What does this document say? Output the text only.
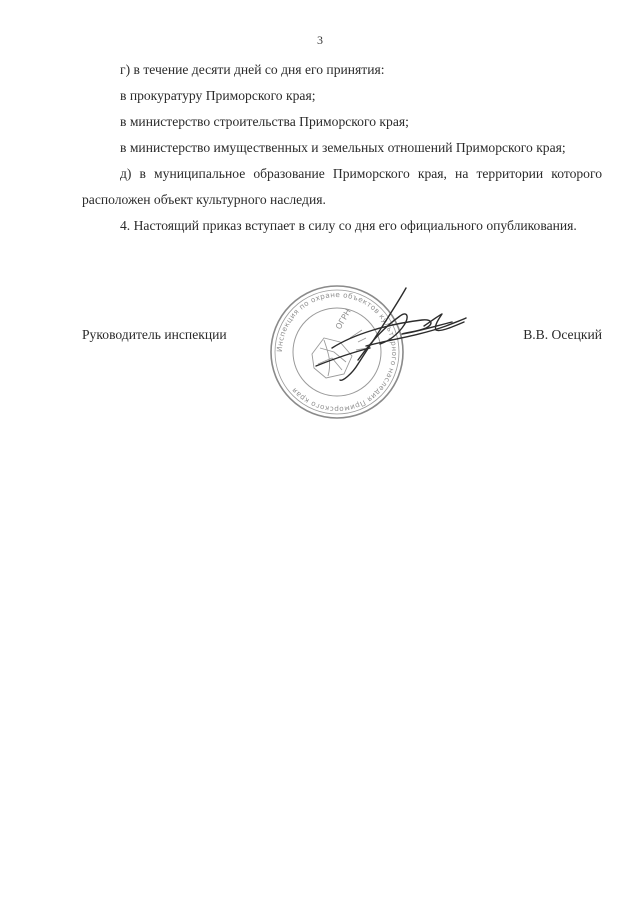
3

г) в течение десяти дней со дня его принятия:

в прокуратуру Приморского края;

в министерство строительства Приморского края;

в министерство имущественных и земельных отношений Приморского края;

д) в муниципальное образование Приморского края, на территории которого расположен объект культурного наследия.

4. Настоящий приказ вступает в силу со дня его официального опубликования.

Руководитель инспекции	В.В. Осецкий
Инспекция по охране объектов культурного наследия Приморского края
ОГРН
